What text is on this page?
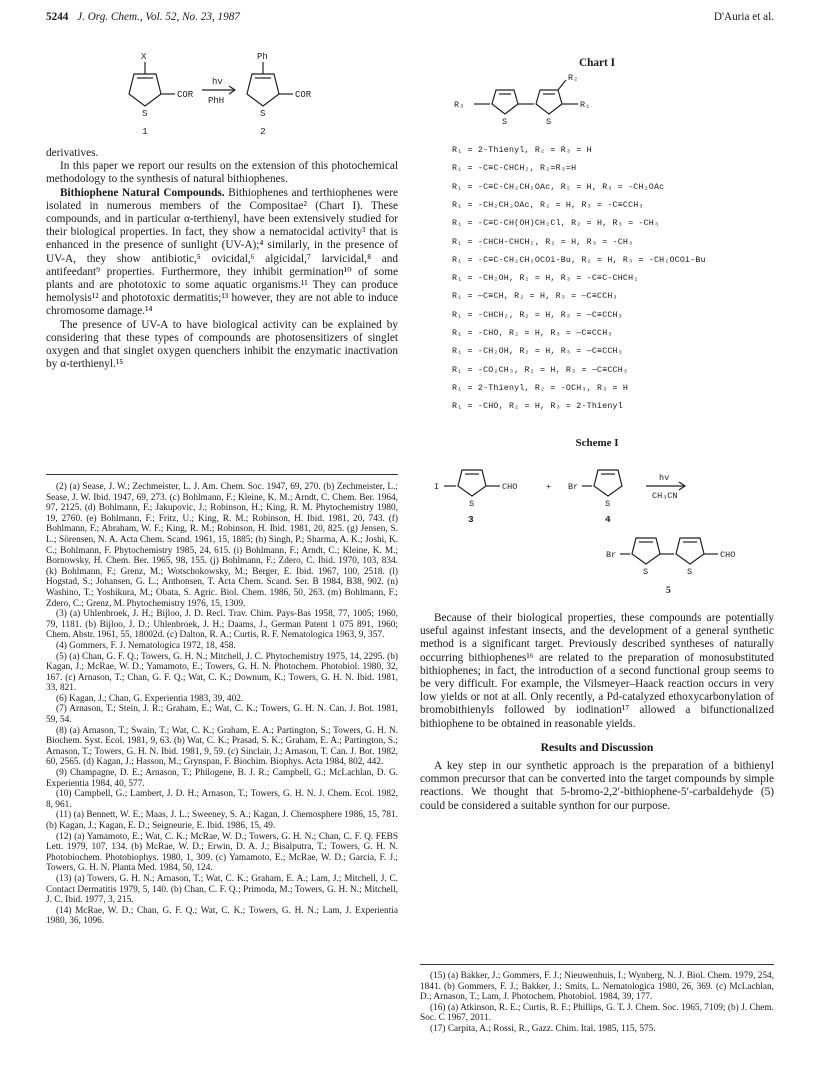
5244 J. Org. Chem., Vol. 52, No. 23, 1987	D'Auria et al.
X
S
COR
hv
PhH
Ph
S
COR
1	2

derivatives.

In this paper we report our results on the extension of this photochemical methodology to the synthesis of natural bithiophenes.

Bithiophene Natural Compounds. Bithiophenes and terthiophenes were isolated in numerous members of the Compositae² (Chart I). These compounds, and in particular α-terthienyl, have been extensively studied for their biological properties. In fact, they show a nematocidal activity³ that is enhanced in the presence of sunlight (UV-A);⁴ similarly, in the presence of UV-A, they show antibiotic,⁵ ovicidal,⁶ algicidal,⁷ larvicidal,⁸ and antifeedant⁹ properties. Furthermore, they inhibit germination¹⁰ of some plants and are phototoxic to some aquatic organisms.¹¹ They can produce hemolysis¹² and phototoxic dermatitis;¹³ however, they are not able to induce chromosome damage.¹⁴

The presence of UV-A to have biological activity can be explained by considering that these types of compounds are photosensitizers of singlet oxygen and that singlet oxygen quenchers inhibit the enzymatic inactivation by α-terthienyl.¹⁵

(2) (a) Sease, J. W.; Zechmeister, L. J. Am. Chem. Soc. 1947, 69, 270. (b) Zechmeister, L.; Sease, J. W. Ibid. 1947, 69, 273. (c) Bohlmann, F.; Kleine, K. M.; Arndt, C. Chem. Ber. 1964, 97, 2125. (d) Bohlmann, F.; Jakupovic, J.; Robinson, H.; King, R. M. Phytochemistry 1980, 19, 2760. (e) Bohlmann, F.; Fritz, U.; King, R. M.; Robinson, H. Ibid. 1981, 20, 743. (f) Bohlmann, F.; Abraham, W. F.; King, R. M.; Robinson, H. Ibid. 1981, 20, 825. (g) Jensen, S. L.; Sörensen, N. A. Acta Chem. Scand. 1961, 15, 1885; (h) Singh, P.; Sharma, A. K.; Joshi, K. C.; Bohlmann, F. Phytochemistry 1985, 24, 615. (i) Bohlmann, F.; Arndt, C.; Kleine, K. M.; Bornowsky, H. Chem. Ber. 1965, 98, 155. (j) Bohlmann, F.; Zdero, C. Ibid. 1970, 103, 834. (k) Bohlmann, F.; Grenz, M.; Wotschokowsky, M.; Berger, E. Ibid. 1967, 100, 2518. (l) Hogstad, S.; Johansen, G. L.; Anthonsen, T. Acta Chem. Scand. Ser. B 1984, B38, 902. (n) Washino, T.; Yoshikura, M.; Obata, S. Agric. Biol. Chem. 1986, 50, 263. (m) Bohlmann, F.; Zdero, C.; Grenz, M. Phytochemistry 1976, 15, 1309.

(3) (a) Uhlenbroek, J. H.; Bijloo, J. D. Recl. Trav. Chim. Pays-Bas 1958, 77, 1005; 1960, 79, 1181. (b) Bijloo, J. D.; Uhlenbroek, J. H.; Daams, J., German Patent 1 075 891, 1960; Chem. Abstr. 1961, 55, 18002d. (c) Dalton, R. A.; Curtis, R. F. Nematologica 1963, 9, 357.

(4) Gommers, F. J. Nematologica 1972, 18, 458.

(5) (a) Chan, G. F. Q.; Towers, G. H. N.; Mitchell, J. C. Phytochemistry 1975, 14, 2295. (b) Kagan, J.; McRae, W. D.; Yamamoto, E.; Towers, G. H. N. Photochem. Photobiol. 1980, 32, 167. (c) Arnason, T.; Chan, G. F. Q.; Wat, C. K.; Downum, K.; Towers, G. H. N. Ibid. 1981, 33, 821.

(6) Kagan, J.; Chan, G. Experientia 1983, 39, 402.

(7) Arnason, T.; Stein, J. R.; Graham, E.; Wat, C. K.; Towers, G. H. N. Can. J. Bot. 1981, 59, 54.

(8) (a) Arnason, T.; Swain, T.; Wat, C. K.; Graham, E. A.; Partington, S.; Towers, G. H. N. Biochem. Syst. Ecol. 1981, 9, 63. (b) Wat, C. K.; Prasad, S. K.; Graham, E. A.; Partington, S.; Arnason, T.; Towers, G. H. N. Ibid. 1981, 9, 59. (c) Sinclair, J.; Arnason, T. Can. J. Bot. 1982, 60, 2565. (d) Kagan, J.; Hasson, M.; Grynspan, F. Biochim. Biophys. Acta 1984, 802, 442.

(9) Champagne, D. E.; Arnason, T.; Philogene, B. J. R.; Campbell, G.; McLachlan, D. G. Experientia 1984, 40, 577.

(10) Campbell, G.; Lambert, J. D. H.; Arnason, T.; Towers, G. H. N. J. Chem. Ecol. 1982, 8, 961.

(11) (a) Bennett, W. E.; Maas, J. L.; Sweeney, S. A.; Kagan, J. Chemosphere 1986, 15, 781. (b) Kagan, J.; Kagan, E. D.; Seigneurie, E. Ibid. 1986, 15, 49.

(12) (a) Yamamoto, E.; Wat, C. K.; McRae, W. D.; Towers, G. H. N.; Chan, C. F. Q. FEBS Lett. 1979, 107, 134. (b) McRae, W. D.; Erwin, D. A. J.; Bisalputra, T.; Towers, G. H. N. Photobiochem. Photobiophys. 1980, 1, 309. (c) Yamamoto, E.; McRae, W. D.; Garcia, F. J.; Towers, G. H. N. Planta Med. 1984, 50, 124.

(13) (a) Towers, G. H. N.; Arnason, T.; Wat, C. K.; Graham, E. A.; Lam, J.; Mitchell, J. C. Contact Dermatitis 1979, 5, 140. (b) Chan, C. F. Q.; Primoda, M.; Towers, G. H. N.; Mitchell, J. C. Ibid. 1977, 3, 215.

(14) McRae, W. D.; Chan, G. F. Q.; Wat, C. K.; Towers, G. H. N.; Lam, J. Experientia 1980, 36, 1096.

Chart I
R₃
S	S
R₂
R₁
R₁ = 2-Thienyl, R₂ = R₃ = H
R₁ = -C≡C-CHCH₂, R₂=R₃=H
R₁ = -C≡C-CH₂CH₂OAc, R₂ = H, R₃ = -CH₂OAc
R₁ = -CH₂CH₂OAc, R₂ = H, R₃ = -C≡CCH₃
R₁ = -C≡C-CH(OH)CH₂Cl, R₂ = H, R₃ = -CH₃
R₁ = -CHCH-CHCH₂, R₂ = H, R₃ = -CH₃
R₁ = -C≡C-CH₂CH₂OCOi-Bu, R₂ = H, R₃ = -CH₂OCOi-Bu
R₁ = -CH₂OH, R₂ = H, R₃ = -C≡C-CHCH₂
R₁ = —C≡CH, R₂ = H, R₃ = —C≡CCH₃
R₁ = -CHCH₂, R₂ = H, R₃ = —C≡CCH₃
R₁ = -CHO, R₂ = H, R₃ = —C≡CCH₃
R₁ = -CH₂OH, R₂ = H, R₃ = —C≡CCH₃
R₁ = -CO₂CH₃, R₂ = H, R₃ = —C≡CCH₃
R₁ = 2-Thienyl, R₂ = -OCH₃, R₃ = H
R₁ = -CHO, R₂ = H, R₃ = 2-Thienyl
Scheme I
I
S
CHO	+ Br
S
hv
CH₃CN
Br
S	S
CHO
3	4
5

Because of their biological properties, these compounds are potentially useful against infestant insects, and the development of a general synthetic method is a significant target. Previously described syntheses of naturally occurring bithiophenes¹⁶ are related to the preparation of monosubstituted bithiophenes; in fact, the introduction of a second functional group seems to be very difficult. For example, the Vilsmeyer–Haack reaction occurs in very low yields or not at all. Only recently, a Pd-catalyzed ethoxycarbonylation of bromobithienyls followed by iodination¹⁷ allowed a bifunctionalized bithiophene to be obtained in reasonable yields.

Results and Discussion

A key step in our synthetic approach is the preparation of a bithienyl common precursor that can be converted into the target compounds by simple reactions. We thought that 5-bromo-2,2′-bithiophene-5′-carbaldehyde (5) could be considered a suitable synthon for our purpose.

(15) (a) Bakker, J.; Gommers, F. J.; Nieuwenhuis, I.; Wynberg, N. J. Biol. Chem. 1979, 254, 1841. (b) Gommers, F. J.; Bakker, J.; Smits, L. Nematologica 1980, 26, 369. (c) McLachlan, D.; Arnason, T.; Lam, J. Photochem. Photobiol. 1984, 39, 177.

(16) (a) Atkinson, R. E.; Curtis, R. F.; Phillips, G. T. J. Chem. Soc. 1965, 7109; (b) J. Chem. Soc. C 1967, 2011.

(17) Carpita, A.; Rossi, R., Gazz. Chim. Ital. 1985, 115, 575.
